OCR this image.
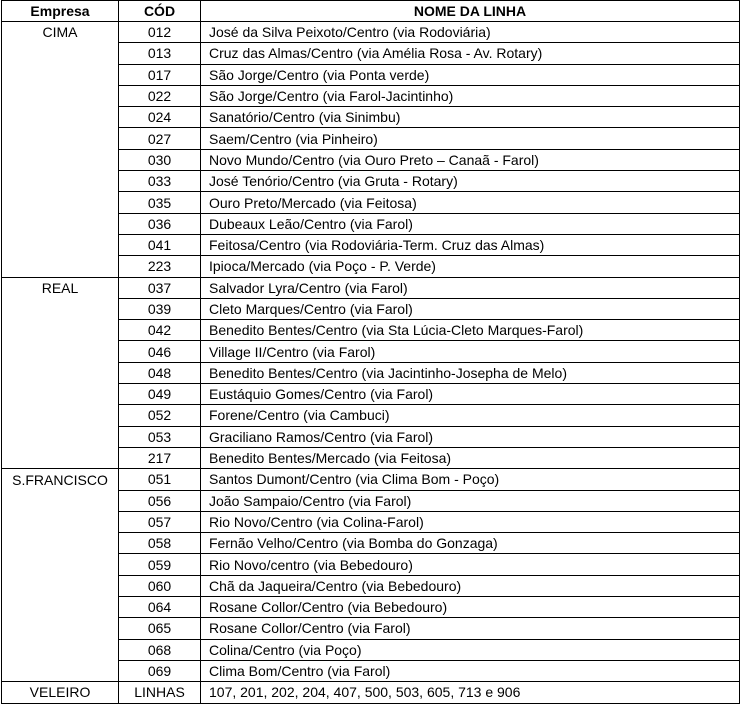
Empresa	CÓD	NOME DA LINHA
CIMA	012	José da Silva Peixoto/Centro (via Rodoviária)
	013	Cruz das Almas/Centro (via Amélia Rosa - Av. Rotary)
	017	São Jorge/Centro (via Ponta verde)
	022	São Jorge/Centro (via Farol-Jacintinho)
	024	Sanatório/Centro (via Sinimbu)
	027	Saem/Centro (via Pinheiro)
	030	Novo Mundo/Centro (via Ouro Preto – Canaã - Farol)
	033	José Tenório/Centro (via Gruta - Rotary)
	035	Ouro Preto/Mercado (via Feitosa)
	036	Dubeaux Leão/Centro (via Farol)
	041	Feitosa/Centro (via Rodoviária-Term. Cruz das Almas)
	223	Ipioca/Mercado (via Poço - P. Verde)
REAL	037	Salvador Lyra/Centro (via Farol)
	039	Cleto Marques/Centro (via Farol)
	042	Benedito Bentes/Centro (via Sta Lúcia-Cleto Marques-Farol)
	046	Village II/Centro (via Farol)
	048	Benedito Bentes/Centro (via Jacintinho-Josepha de Melo)
	049	Eustáquio Gomes/Centro (via Farol)
	052	Forene/Centro (via Cambuci)
	053	Graciliano Ramos/Centro (via Farol)
	217	Benedito Bentes/Mercado (via Feitosa)
S.FRANCISCO	051	Santos Dumont/Centro (via Clima Bom - Poço)
	056	João Sampaio/Centro (via Farol)
	057	Rio Novo/Centro (via Colina-Farol)
	058	Fernão Velho/Centro (via Bomba do Gonzaga)
	059	Rio Novo/centro (via Bebedouro)
	060	Chã da Jaqueira/Centro (via Bebedouro)
	064	Rosane Collor/Centro (via Bebedouro)
	065	Rosane Collor/Centro (via Farol)
	068	Colina/Centro (via Poço)
	069	Clima Bom/Centro (via Farol)
VELEIRO	LINHAS	107, 201, 202, 204, 407, 500, 503, 605, 713 e 906
